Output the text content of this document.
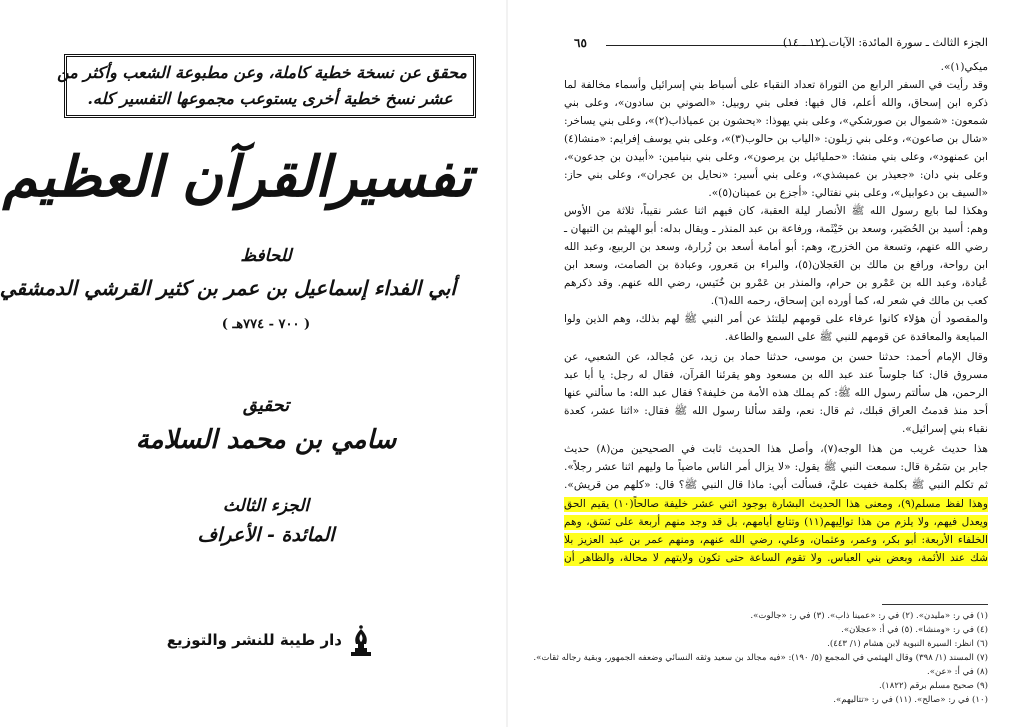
محقق عن نسخة خطية كاملة، وعن مطبوعة الشعب وأكثر من
عشر نسخ خطية أخرى يستوعب مجموعها التفسير كله.
تفسيرالقرآن العظيم
للحافظ
أبي الفداء إسماعيل بن عمر بن كثير القرشي الدمشقي
( ٧٠٠ - ٧٧٤هـ )
تحقيق
سامي بن محمد السلامة
الجزء الثالث
المائدة - الأعراف
دار طيبة للنشر والتوزيع
٦٥	الجزء الثالث ـ سورة المائدة: الآيات (١٢ ـ ١٤)
ميكي(١)».
وقد رأيت في السفر الرابع من التوراة تعداد النقباء على أسباط بني إسرائيل وأسماء مخالفة لما
ذكره ابن إسحاق، والله أعلم، قال فيها: فعلى بني روبيل: «الصوني بن سادون»، وعلى بني
شمعون: «شموال بن صورشكي»، وعلى بني يهوذا: «يحشون بن عمياذاب(٢)»، وعلى بني يساخر:
«شال بن صاعون»، وعلى بني زبلون: «الياب بن حالوب(٣)»، وعلى بني يوسف إفرايم: «منشا(٤)
ابن عمنهود»، وعلى بني منشا: «حمليائيل بن يرصون»، وعلى بني بنيامين: «أبيدن بن جدعون»،
وعلى بني دان: «جعيذر بن عميشذي»، وعلى بني أسير: «نحايل بن عجران»، وعلى بني حاز:
«السيف بن دعوابيل»، وعلى بني نفتالي: «أجزع بن عمينان(٥)».
وهكذا لما بايع رسول الله ﷺ الأنصار ليلة العقبة، كان فيهم اثنا عشر نقيباً، ثلاثة من الأوس
وهم: أسيد بن الحُضَير، وسعد بن خَيْثَمة، ورفاعة بن عبد المنذر ـ ويقال بدله: أبو الهيثم بن التيهان ـ
رضي الله عنهم، وتسعة من الخزرج، وهم: أبو أمامة أسعد بن زُرارة، وسعد بن الربيع، وعبد الله
ابن رواحة، ورافع بن مالك بن العَجلان(٥)، والبراء بن مَعرور، وعبادة بن الصامت، وسعد ابن
عُبادة، وعبد الله بن عَمْرو بن حرام، والمنذر بن عَمْرو بن خُنَيس، رضي الله عنهم. وقد ذكرهم
كعب بن مالك في شعر له، كما أورده ابن إسحاق، رحمه الله(٦).
والمقصود أن هؤلاء كانوا عرفاء على قومهم ليلتئذ عن أمر النبي ﷺ لهم بذلك، وهم الذين ولوا
المبايعة والمعاقدة عن قومهم للنبي ﷺ على السمع والطاعة.
وقال الإمام أحمد: حدثنا حسن بن موسى، حدثنا حماد بن زيد، عن مُجالد، عن الشعبي، عن
مسروق قال: كنا جلوساً عند عبد الله بن مسعود وهو يقرئنا القرآن، فقال له رجل: يا أبا عبد
الرحمن، هل سألتم رسول الله ﷺ: كم يملك هذه الأمة من خليفة؟ فقال عبد الله: ما سألني عنها
أحد منذ قدمتُ العراق قبلك، ثم قال: نعم، ولقد سألنا رسول الله ﷺ فقال: «اثنا عشر، كعدة
نقباء بني إسرائيل».
هذا حديث غريب من هذا الوجه(٧)، وأصل هذا الحديث ثابت في الصحيحين من(٨) حديث
جابر بن سَمُرة قال: سمعت النبي ﷺ يقول: «لا يزال أمر الناس ماضياً ما وليهم اثنا عشر رجلاً».
ثم تكلم النبي ﷺ بكلمة خفيت عليَّ، فسألت أبي: ماذا قال النبي ﷺ؟ قال: «كلهم من قريش».
وهذا لفظ مسلم(٩)، ومعنى هذا الحديث البشارة بوجود اثني عشر خليفة صالحاً(١٠) يقيم الحق
ويعدل فيهم، ولا يلزم من هذا توالِيهم(١١) وتتابع أيامهم، بل قد وجد منهم أربعة على نَسَق، وهم
الخلفاء الأربعة: أبو بكر، وعمر، وعثمان، وعلي، رضي الله عنهم، ومنهم عمر بن عبد العزيز بلا
شك عند الأئمة، وبعض بني العباس. ولا تقوم الساعة حتى تكون ولايتهم لا محالة، والظاهر أن
(١) في ر: «مليدن». (٢) في ر: «عمينا ذاب». (٣) في ر: «جالوت».
(٤) في ر: «ومنشا». (٥) في أ: «عجلان».
(٦) انظر: السيرة النبوية لابن هشام (١/ ٤٤٣).
(٧) المسند (١/ ٣٩٨) وقال الهيثمي في المجمع (٥/ ١٩٠): «فيه مجالد بن سعيد وثقه النسائي وضعفه الجمهور، وبقية رجاله ثقات».
(٨) في أ: «عن».
(٩) صحيح مسلم برقم (١٨٢٢).
(١٠) في ر: «صالح». (١١) في ر: «تتاليهم».
